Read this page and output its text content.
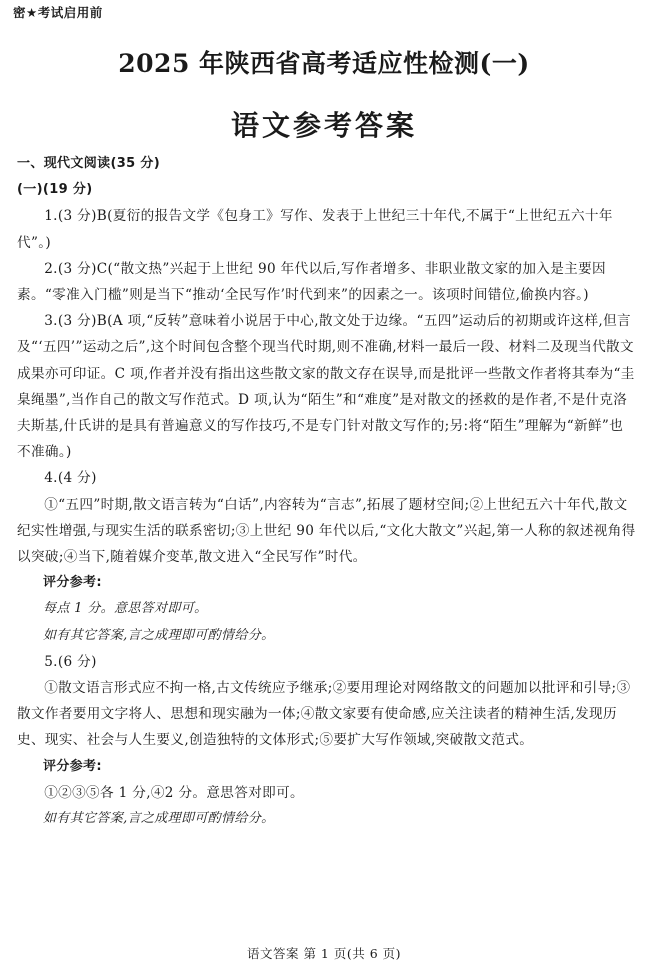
密★考试启用前
2025 年陕西省高考适应性检测(一)
语文参考答案

一、现代文阅读(35 分)

(一)(19 分)

1.(3 分)B(夏衍的报告文学《包身工》写作、发表于上世纪三十年代,不属于“上世纪五六十年代”。)

2.(3 分)C(“散文热”兴起于上世纪 90 年代以后,写作者增多、非职业散文家的加入是主要因素。“零准入门槛”则是当下“推动‘全民写作’时代到来”的因素之一。该项时间错位,偷换内容。)

3.(3 分)B(A 项,“反转”意味着小说居于中心,散文处于边缘。“五四”运动后的初期或许这样,但言及“‘五四’”运动之后”,这个时间包含整个现当代时期,则不准确,材料一最后一段、材料二及现当代散文成果亦可印证。C 项,作者并没有指出这些散文家的散文存在误导,而是批评一些散文作者将其奉为“圭臬绳墨”,当作自己的散文写作范式。D 项,认为“陌生”和“难度”是对散文的拯救的是作者,不是什克洛夫斯基,什氏讲的是具有普遍意义的写作技巧,不是专门针对散文写作的;另:将“陌生”理解为“新鲜”也不准确。)

4.(4 分)

①“五四”时期,散文语言转为“白话”,内容转为“言志”,拓展了题材空间;②上世纪五六十年代,散文纪实性增强,与现实生活的联系密切;③上世纪 90 年代以后,“文化大散文”兴起,第一人称的叙述视角得以突破;④当下,随着媒介变革,散文进入“全民写作”时代。

评分参考:

每点 1 分。意思答对即可。

如有其它答案,言之成理即可酌情给分。

5.(6 分)

①散文语言形式应不拘一格,古文传统应予继承;②要用理论对网络散文的问题加以批评和引导;③散文作者要用文字将人、思想和现实融为一体;④散文家要有使命感,应关注读者的精神生活,发现历史、现实、社会与人生要义,创造独特的文体形式;⑤要扩大写作领域,突破散文范式。

评分参考:

①②③⑤各 1 分,④2 分。意思答对即可。

如有其它答案,言之成理即可酌情给分。

语文答案 第 1 页(共 6 页)
